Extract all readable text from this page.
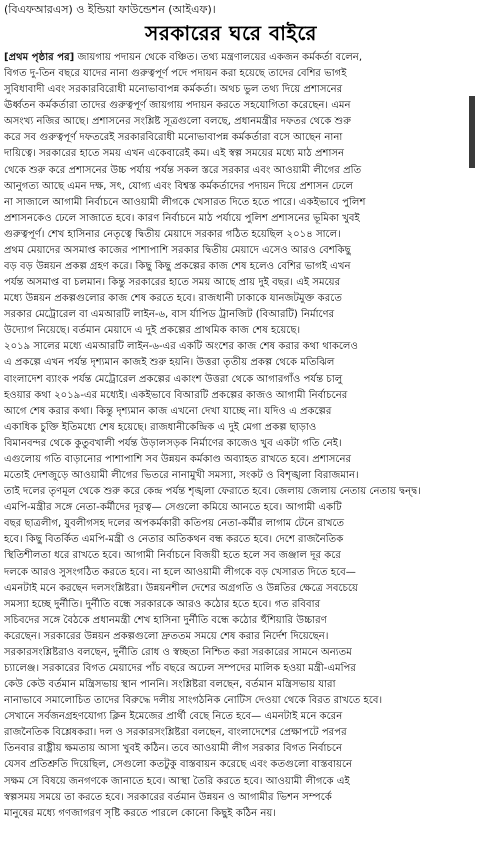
(বিএফআরএস) ও ইন্ডিয়া ফাউন্ডেশন (আইএফ)।
সরকারের ঘরে বাইরে
[প্রথম পৃষ্ঠার পর] জায়গায় পদায়ন থেকে বঞ্চিত। তথ্য মন্ত্রণালয়ের একজন কর্মকর্তা বলেন,
বিগত দু-তিন বছরে যাদের নানা গুরুত্বপূর্ণ পদে পদায়ন করা হয়েছে তাদের বেশির ভাগই
সুবিধাবাদী এবং সরকারবিরোধী মনোভাবাপন্ন কর্মকর্তা। অথচ ভুল তথ্য দিয়ে প্রশাসনের
ঊর্ধ্বতন কর্মকর্তারা তাদের গুরুত্বপূর্ণ জায়গায় পদায়ন করতে সহযোগিতা করেছেন। এমন
অসংখ্য নজির আছে। প্রশাসনের সংশ্লিষ্ট সূত্রগুলো বলছে, প্রধানমন্ত্রীর দফতর থেকে শুরু
করে সব গুরুত্বপূর্ণ দফতরেই সরকারবিরোধী মনোভাবাপন্ন কর্মকর্তারা বসে আছেন নানা
দায়িত্বে। সরকারের হাতে সময় এখন একেবারেই কম। এই স্বল্প সময়ের মধ্যে মাঠ প্রশাসন
থেকে শুরু করে প্রশাসনের উচ্চ পর্যায় পর্যন্ত সকল স্তরে সরকার এবং আওয়ামী লীগের প্রতি
আনুগত্য আছে এমন দক্ষ, সৎ, যোগ্য এবং বিশ্বস্ত কর্মকর্তাদের পদায়ন দিয়ে প্রশাসন ঢেলে
না সাজালে আগামী নির্বাচনে আওয়ামী লীগকে খেসারত দিতে হতে পারে। একইভাবে পুলিশ
প্রশাসনকেও ঢেলে সাজাতে হবে। কারণ নির্বাচনে মাঠ পর্যায়ে পুলিশ প্রশাসনের ভূমিকা খুবই
গুরুত্বপূর্ণ। শেখ হাসিনার নেতৃত্বে দ্বিতীয় মেয়াদে সরকার গঠিত হয়েছিল ২০১৪ সালে।
প্রথম মেয়াদের অসমাপ্ত কাজের পাশাপাশি সরকার দ্বিতীয় মেয়াদে এসেও আরও বেশকিছু
বড় বড় উন্নয়ন প্রকল্প গ্রহণ করে। কিছু কিছু প্রকল্পের কাজ শেষ হলেও বেশির ভাগই এখন
পর্যন্ত অসমাপ্ত বা চলমান। কিন্তু সরকারের হাতে সময় আছে প্রায় দুই বছর। এই সময়ের
মধ্যে উন্নয়ন প্রকল্পগুলোর কাজ শেষ করতে হবে। রাজধানী ঢাকাকে যানজটমুক্ত করতে
সরকার মেট্রোরেল বা এমআরটি লাইন-৬, বাস র্যাপিড ট্রানজিট (বিআরটি) নির্মাণের
উদ্যোগ নিয়েছে। বর্তমান মেয়াদে এ দুই প্রকল্পের প্রাথমিক কাজ শেষ হয়েছে।
২০১৯ সালের মধ্যে এমআরটি লাইন-৬-এর একটি অংশের কাজ শেষ করার কথা থাকলেও
এ প্রকল্পে এখন পর্যন্ত দৃশ্যমান কাজই শুরু হয়নি। উত্তরা তৃতীয় প্রকল্প থেকে মতিঝিল
বাংলাদেশ ব্যাংক পর্যন্ত মেট্রোরেল প্রকল্পের একাংশ উত্তরা থেকে আগারগাঁও পর্যন্ত চালু
হওয়ার কথা ২০১৯-এর মধ্যেই। একইভাবে বিআরটি প্রকল্পের কাজও আগামী নির্বাচনের
আগে শেষ করার কথা। কিন্তু দৃশ্যমান কাজ এখনো দেখা যাচ্ছে না। যদিও এ প্রকল্পের
একাধিক চুক্তি ইতিমধ্যে শেষ হয়েছে। রাজধানীকেন্দ্রিক এ দুই মেগা প্রকল্প ছাড়াও
বিমানবন্দর থেকে কুতুবখালী পর্যন্ত উড়ালসড়ক নির্মাণের কাজেও খুব একটা গতি নেই।
এগুলোয় গতি বাড়ানোর পাশাপাশি সব উন্নয়ন কর্মকাণ্ড অব্যাহত রাখতে হবে। প্রশাসনের
মতোই দেশজুড়ে আওয়ামী লীগের ভিতরে নানামুখী সমস্যা, সংকট ও বিশৃঙ্খলা বিরাজমান।
তাই দলের তৃণমূল থেকে শুরু করে কেন্দ্র পর্যন্ত শৃঙ্খলা ফেরাতে হবে। জেলায় জেলায় নেতায় নেতায় দ্বন্দ্ব।
এমপি-মন্ত্রীর সঙ্গে নেতা-কর্মীদের দূরত্ব— সেগুলো কমিয়ে আনতে হবে। আগামী একটি
বছর ছাত্রলীগ, যুবলীগসহ দলের অপকর্মকারী কতিপয় নেতা-কর্মীর লাগাম টেনে রাখতে
হবে। কিছু বিতর্কিত এমপি-মন্ত্রী ও নেতার অতিকথন বন্ধ করতে হবে। দেশে রাজনৈতিক
স্থিতিশীলতা ধরে রাখতে হবে। আগামী নির্বাচনে বিজয়ী হতে হলে সব জঞ্জাল দূর করে
দলকে আরও সুসংগঠিত করতে হবে। না হলে আওয়ামী লীগকে বড় খেসারত দিতে হবে—
এমনটাই মনে করছেন দলসংশ্লিষ্টরা। উন্নয়নশীল দেশের অগ্রগতি ও উন্নতির ক্ষেত্রে সবচেয়ে
সমস্যা হচ্ছে দুর্নীতি। দুর্নীতি বন্ধে সরকারকে আরও কঠোর হতে হবে। গত রবিবার
সচিবদের সঙ্গে বৈঠকে প্রধানমন্ত্রী শেখ হাসিনা দুর্নীতি বন্ধে কঠোর হুঁশিয়ারি উচ্চারণ
করেছেন। সরকারের উন্নয়ন প্রকল্পগুলো দ্রুততম সময়ে শেষ করার নির্দেশ দিয়েছেন।
সরকারসংশ্লিষ্টরাও বলছেন, দুর্নীতি রোধ ও স্বচ্ছতা নিশ্চিত করা সরকারের সামনে অন্যতম
চ্যালেঞ্জ। সরকারের বিগত মেয়াদের পাঁচ বছরে অঢেল সম্পদের মালিক হওয়া মন্ত্রী-এমপির
কেউ কেউ বর্তমান মন্ত্রিসভায় স্থান পাননি। সংশ্লিষ্টরা বলছেন, বর্তমান মন্ত্রিসভায় যারা
নানাভাবে সমালোচিত তাদের বিরুদ্ধে দলীয় সাংগঠনিক নোটিস দেওয়া থেকে বিরত রাখতে হবে।
সেখানে সর্বজনগ্রহণযোগ্য ক্লিন ইমেজের প্রার্থী বেছে নিতে হবে— এমনটাই মনে করেন
রাজনৈতিক বিশ্লেষকরা। দল ও সরকারসংশ্লিষ্টরা বলছেন, বাংলাদেশের প্রেক্ষাপটে পরপর
তিনবার রাষ্ট্রীয় ক্ষমতায় আসা খুবই কঠিন। তবে আওয়ামী লীগ সরকার বিগত নির্বাচনে
যেসব প্রতিশ্রুতি দিয়েছিল, সেগুলো কতটুকু বাস্তবায়ন করেছে এবং কতগুলো বাস্তবায়নে
সক্ষম সে বিষয়ে জনগণকে জানাতে হবে। আস্থা তৈরি করতে হবে। আওয়ামী লীগকে এই
স্বল্পসময় সময়ে তা করতে হবে। সরকারের বর্তমান উন্নয়ন ও আগামীর ভিশন সম্পর্কে
মানুষের মধ্যে গণজাগরণ সৃষ্টি করতে পারলে কোনো কিছুই কঠিন নয়।
